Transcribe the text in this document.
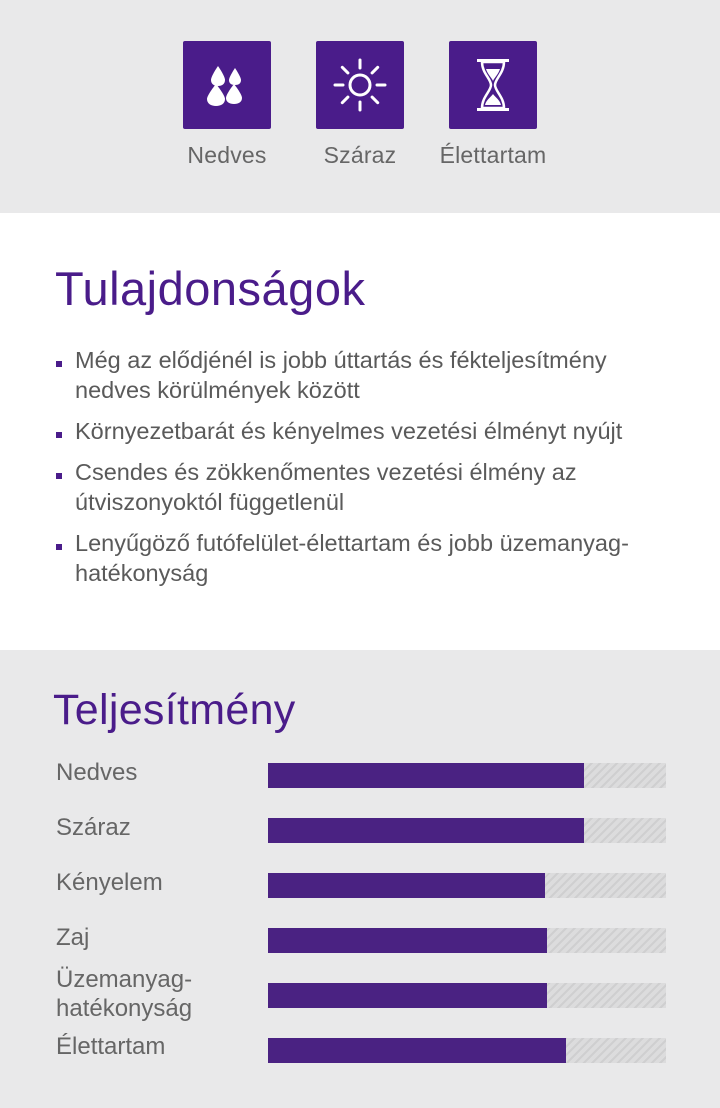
Nedves	Száraz	Élettartam
Tulajdonságok
Még az elődjénél is jobb úttartás és fékteljesítmény nedves körülmények között
Környezetbarát és kényelmes vezetési élményt nyújt
Csendes és zökkenőmentes vezetési élmény az útviszonyoktól függetlenül
Lenyűgöző futófelület-élettartam és jobb üzemanyag-hatékonyság
Teljesítmény
Nedves
Száraz
Kényelem
Zaj
Üzemanyag-
hatékonyság
Élettartam
